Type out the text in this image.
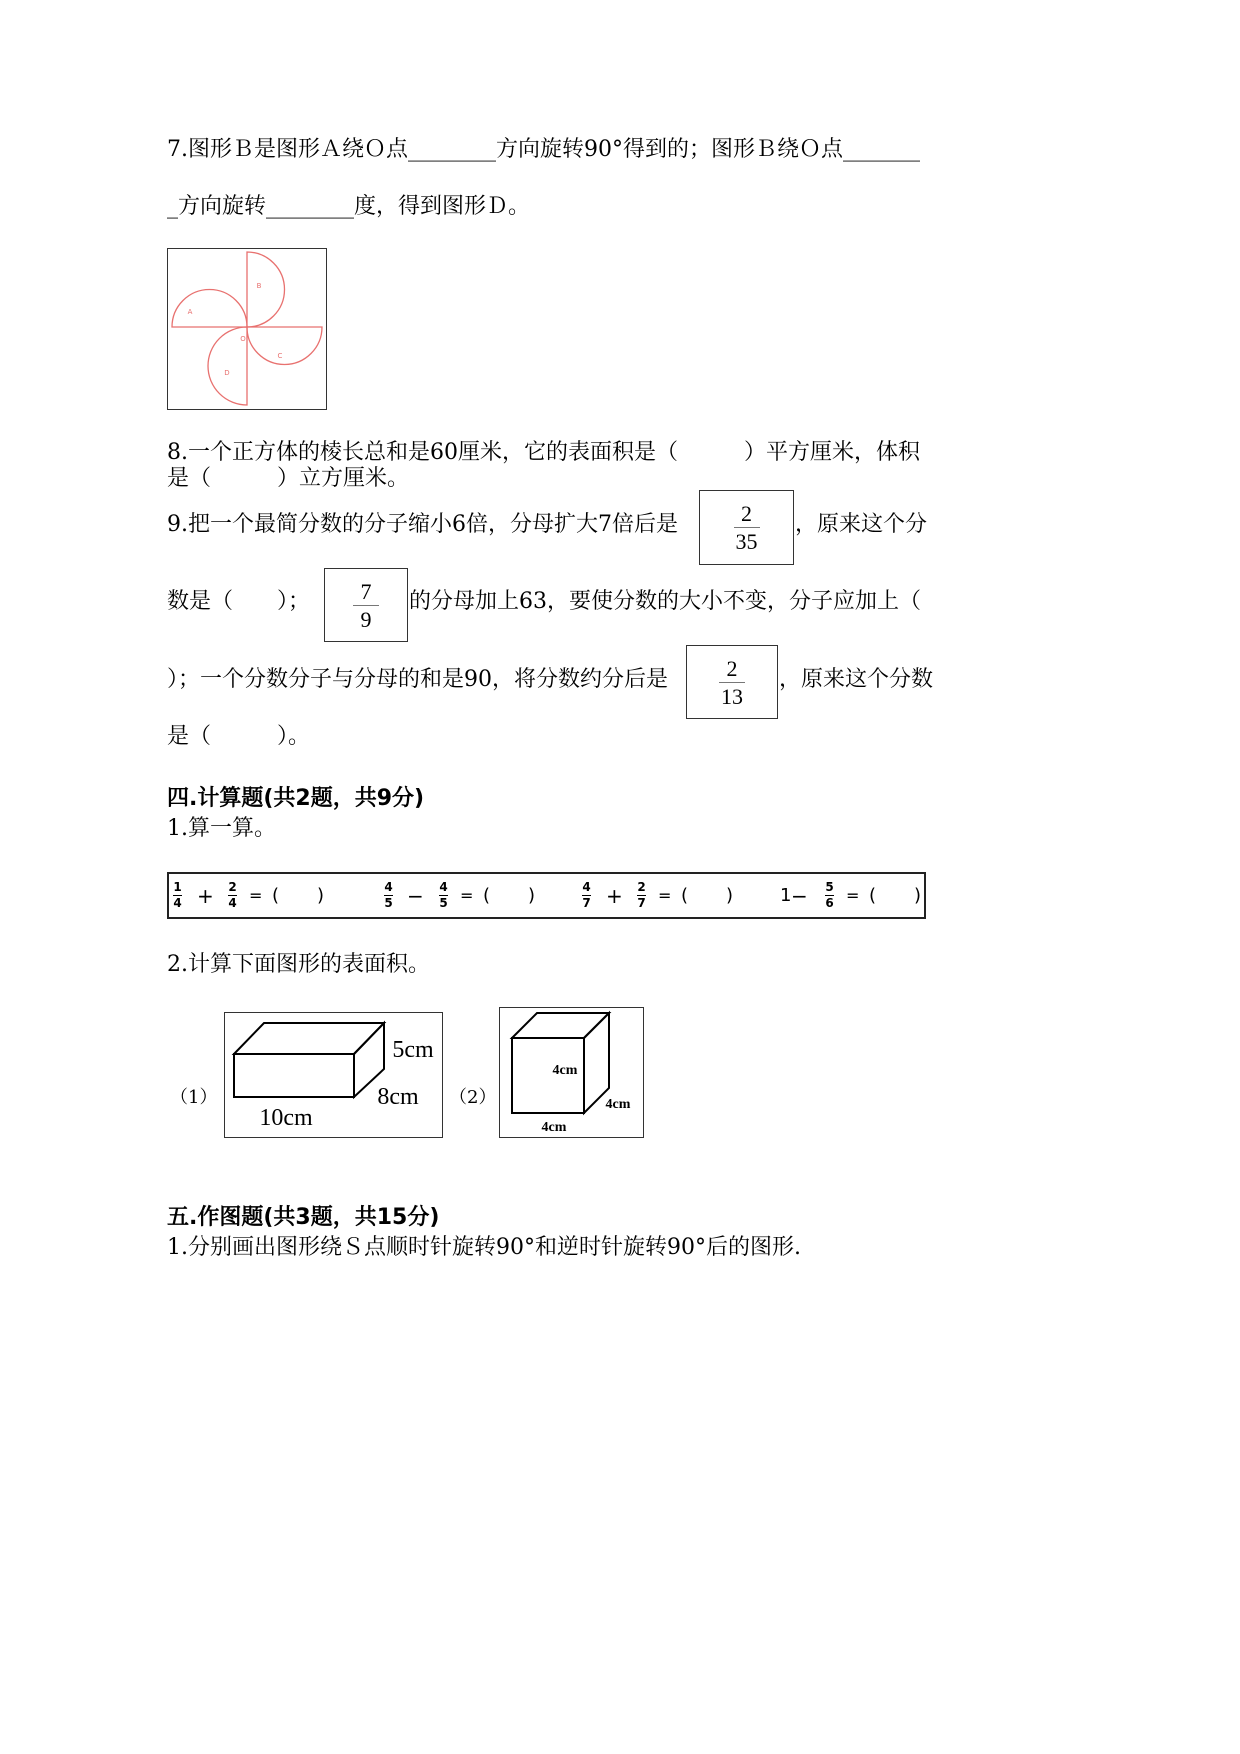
7.图形Ｂ是图形Ａ绕Ｏ点________方向旋转90°得到的；图形Ｂ绕Ｏ点_______
_方向旋转________度，得到图形Ｄ。
A
B
C
D
O
8.一个正方体的棱长总和是60厘米，它的表面积是（　　　）平方厘米，体积
是（　　　）立方厘米。
9.把一个最简分数的分子缩小6倍，分母扩大7倍后是	2
35
，原来这个分
数是（　　）； 7
9
的分母加上63，要使分数的大小不变，分子应加上（
）；一个分数分子与分母的和是90，将分数约分后是	2
13
，原来这个分数
是（　　　）。
四.计算题(共2题，共9分)
1.算一算。
1
4 + 2
4 = ( )	4
5 − 4
5 = ( )	4
7 + 2
7 = ( )	1 − 5
6 = ( )
2.计算下面图形的表面积。
（1）
5cm
8cm
10cm
（2）
4cm
4cm
4cm
五.作图题(共3题，共15分)
1.分别画出图形绕Ｓ点顺时针旋转90°和逆时针旋转90°后的图形.
